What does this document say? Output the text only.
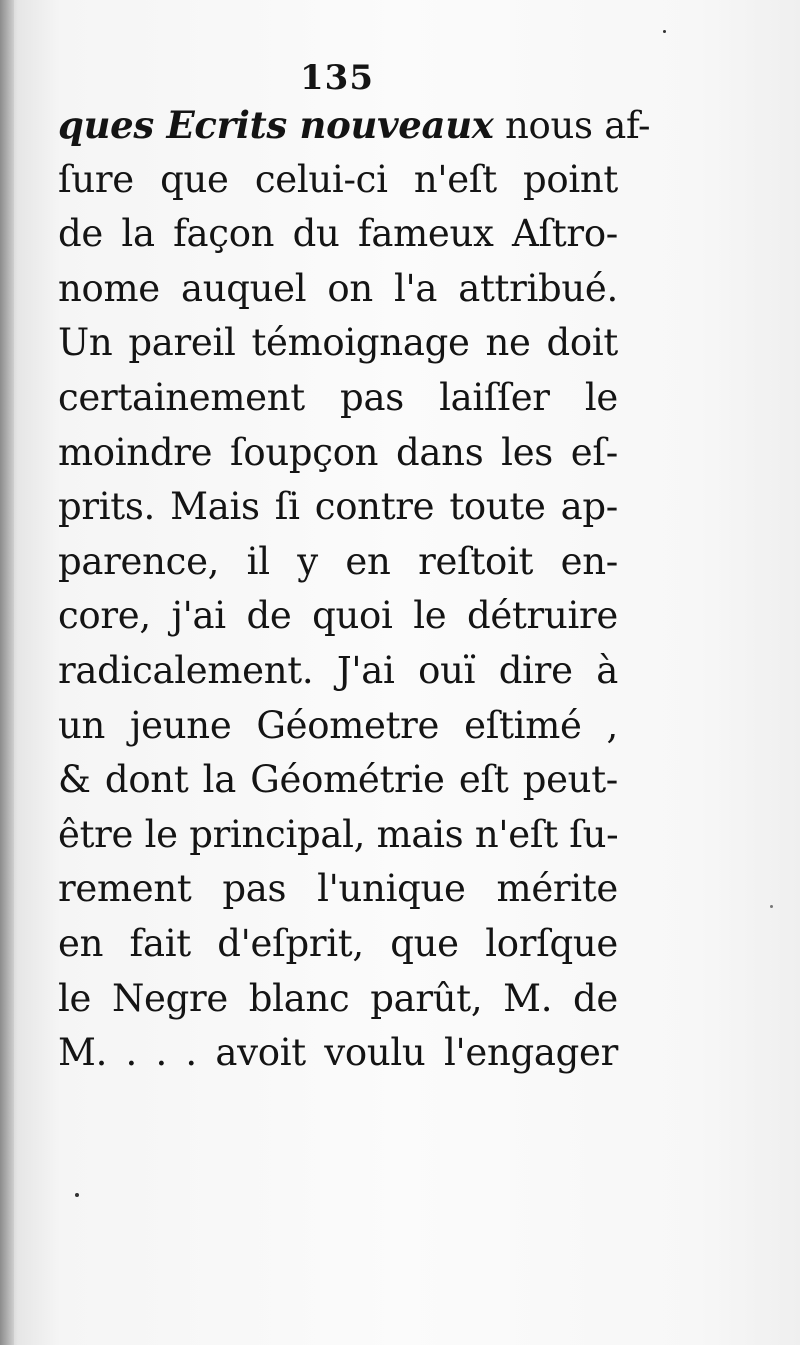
135
ques Ecrits nouveaux nous af-
ſure que celui-ci n'eſt point
de la façon du fameux Aſtro-
nome auquel on l'a attribué.
Un pareil témoignage ne doit
certainement pas laiſſer le
moindre ſoupçon dans les eſ-
prits. Mais ſi contre toute ap-
parence, il y en reſtoit en-
core, j'ai de quoi le détruire
radicalement. J'ai ouï dire à
un jeune Géometre eſtimé ,
& dont la Géométrie eſt peut-
être le principal, mais n'eſt ſu-
rement pas l'unique mérite
en fait d'eſprit, que lorſque
le Negre blanc parût, M. de
M. . . . avoit voulu l'engager
